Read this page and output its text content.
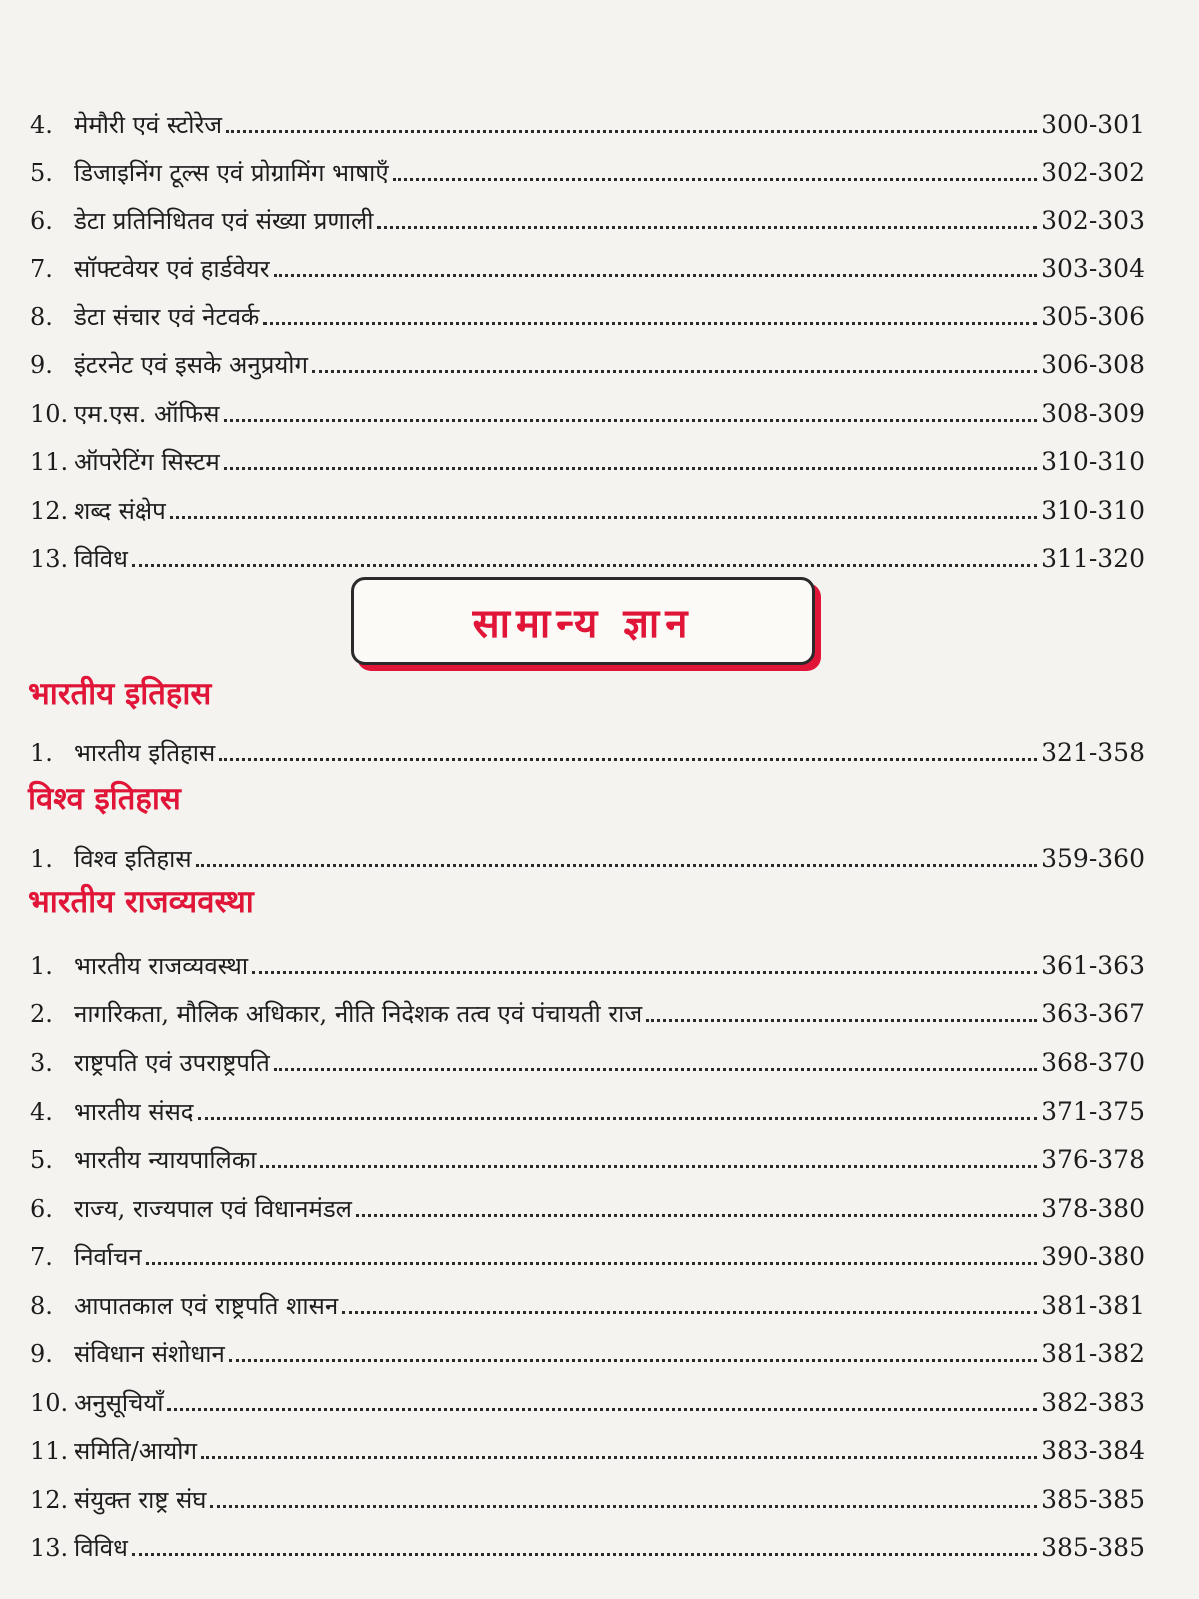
4. मेमौरी एवं स्टोरेज	300-301
5. डिजाइनिंग टूल्स एवं प्रोग्रामिंग भाषाएँ	302-302
6. डेटा प्रतिनिधितव एवं संख्या प्रणाली	302-303
7. सॉफ्टवेयर एवं हार्डवेयर	303-304
8. डेटा संचार एवं नेटवर्क	305-306
9. इंटरनेट एवं इसके अनुप्रयोग	306-308
10. एम.एस. ऑफिस	308-309
11. ऑपरेटिंग सिस्टम	310-310
12. शब्द संक्षेप	310-310
13. विविध	311-320
सामान्य ज्ञान
भारतीय इतिहास
1. भारतीय इतिहास	321-358
विश्व इतिहास
1. विश्व इतिहास	359-360
भारतीय राजव्यवस्था
1. भारतीय राजव्यवस्था	361-363
2. नागरिकता, मौलिक अधिकार, नीति निदेशक तत्व एवं पंचायती राज	363-367
3. राष्ट्रपति एवं उपराष्ट्रपति	368-370
4. भारतीय संसद	371-375
5. भारतीय न्यायपालिका	376-378
6. राज्य, राज्यपाल एवं विधानमंडल	378-380
7. निर्वाचन	390-380
8. आपातकाल एवं राष्ट्रपति शासन	381-381
9. संविधान संशोधान	381-382
10. अनुसूचियाँ	382-383
11. समिति/आयोग	383-384
12. संयुक्त राष्ट्र संघ	385-385
13. विविध	385-385
